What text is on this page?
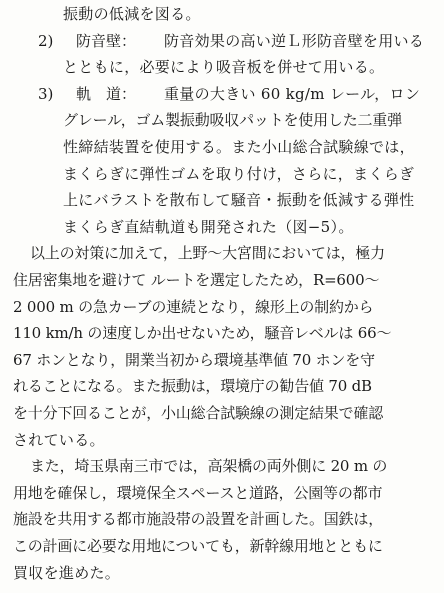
振動の低減を図る。
2) 防音壁： 防音効果の高い逆Ｌ形防音壁を用いる
とともに，必要により吸音板を併せて用いる。
3) 軌　道： 重量の大きい 60 kg/m レール，ロン
グレール，ゴム製振動吸収パットを使用した二重弾
性締結装置を使用する。また小山総合試験線では，
まくらぎに弾性ゴムを取り付け，さらに，まくらぎ
上にバラストを散布して騒音・振動を低減する弾性
まくらぎ直結軌道も開発された（図−5）。
以上の対策に加えて，上野〜大宮間においては，極力
住居密集地を避けて ルートを選定したため，R=600〜
2 000 m の急カーブの連続となり，線形上の制約から
110 km/h の速度しか出せないため，騒音レベルは 66〜
67 ホンとなり，開業当初から環境基準値 70 ホンを守
れることになる。また振動は，環境庁の勧告値 70 dB
を十分下回ることが，小山総合試験線の測定結果で確認
されている。
また，埼玉県南三市では，高架橋の両外側に 20 m の
用地を確保し，環境保全スペースと道路，公園等の都市
施設を共用する都市施設帯の設置を計画した。国鉄は，
この計画に必要な用地についても，新幹線用地とともに
買収を進めた。
